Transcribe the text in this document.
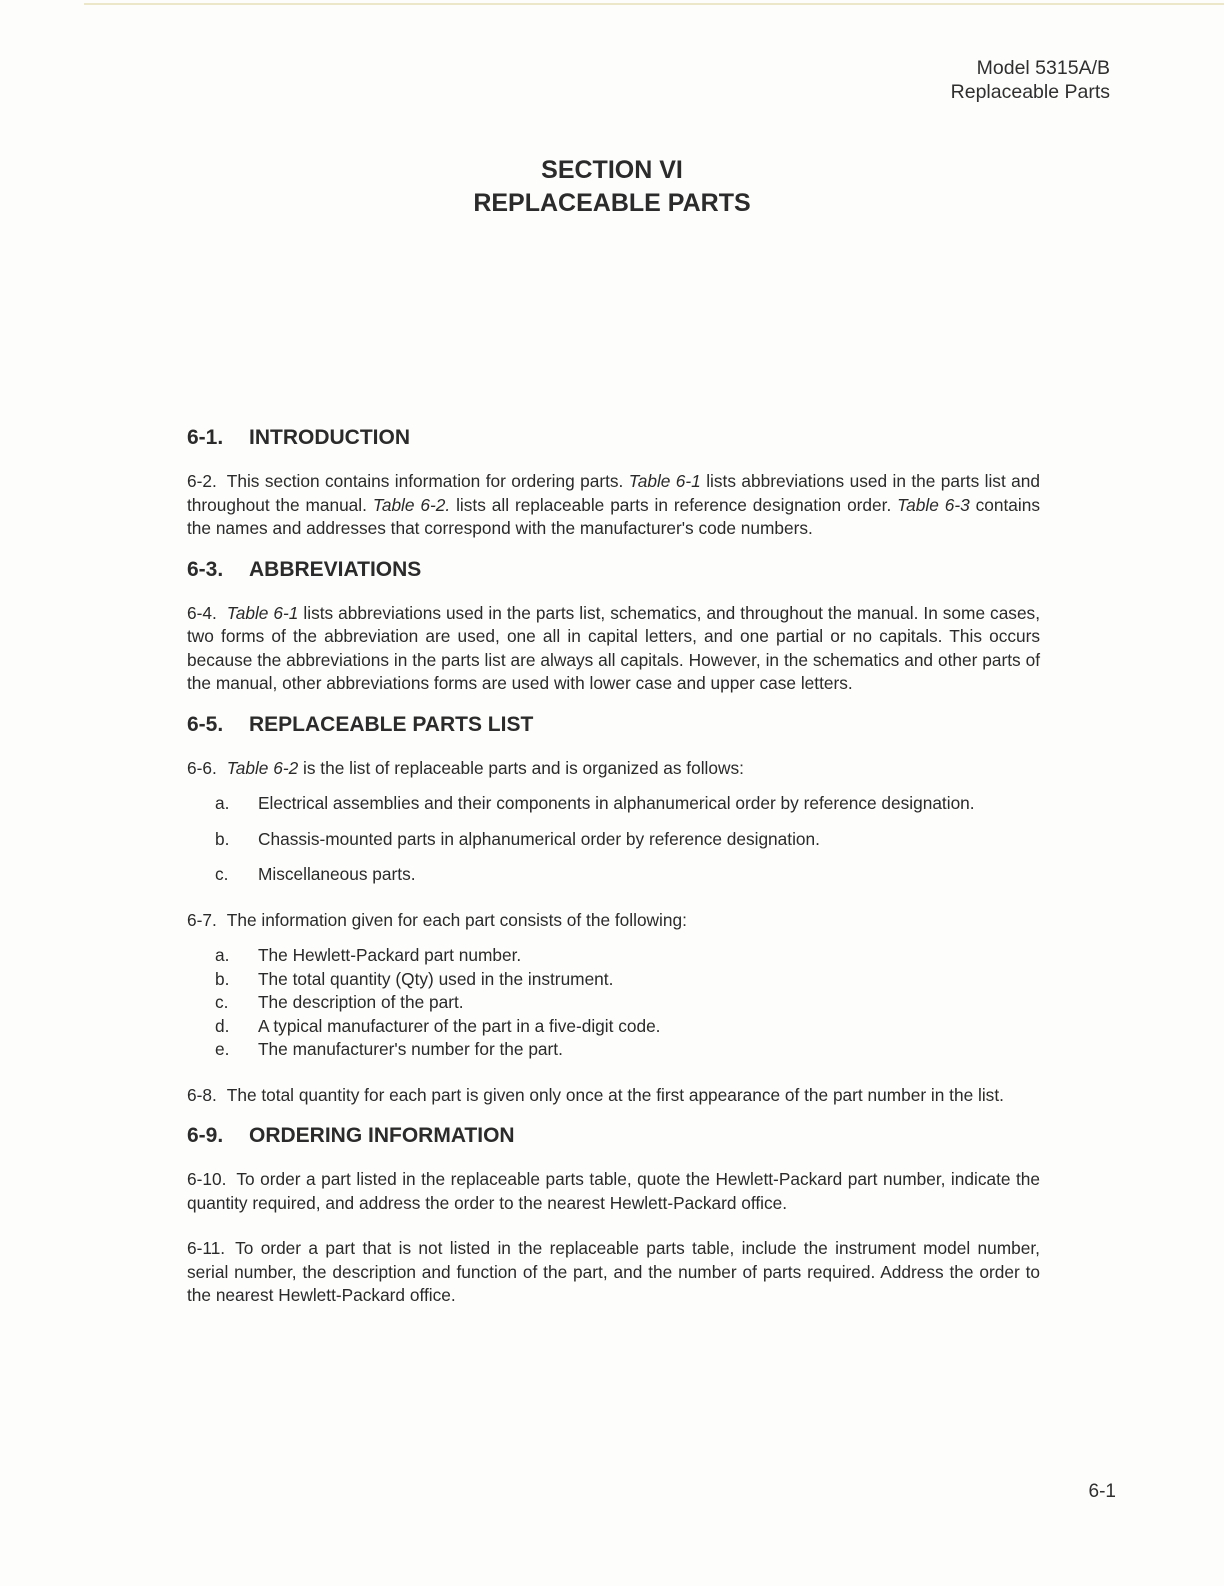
Model 5315A/B
Replaceable Parts
SECTION VI
REPLACEABLE PARTS
6-1. INTRODUCTION

6-2. This section contains information for ordering parts. Table 6-1 lists abbreviations used in the parts list and throughout the manual. Table 6-2. lists all replaceable parts in reference designation order. Table 6-3 contains the names and addresses that correspond with the manufacturer's code numbers.

6-3. ABBREVIATIONS

6-4. Table 6-1 lists abbreviations used in the parts list, schematics, and throughout the manual. In some cases, two forms of the abbreviation are used, one all in capital letters, and one partial or no capitals. This occurs because the abbreviations in the parts list are always all capitals. However, in the schematics and other parts of the manual, other abbreviations forms are used with lower case and upper case letters.

6-5. REPLACEABLE PARTS LIST

6-6. Table 6-2 is the list of replaceable parts and is organized as follows:

a. Electrical assemblies and their components in alphanumerical order by reference designation.
b. Chassis-mounted parts in alphanumerical order by reference designation.
c. Miscellaneous parts.

6-7. The information given for each part consists of the following:

a. The Hewlett-Packard part number.
b. The total quantity (Qty) used in the instrument.
c. The description of the part.
d. A typical manufacturer of the part in a five-digit code.
e. The manufacturer's number for the part.

6-8. The total quantity for each part is given only once at the first appearance of the part number in the list.

6-9. ORDERING INFORMATION

6-10. To order a part listed in the replaceable parts table, quote the Hewlett-Packard part number, indicate the quantity required, and address the order to the nearest Hewlett-Packard office.

6-11. To order a part that is not listed in the replaceable parts table, include the instrument model number, serial number, the description and function of the part, and the number of parts required. Address the order to the nearest Hewlett-Packard office.

6-1
